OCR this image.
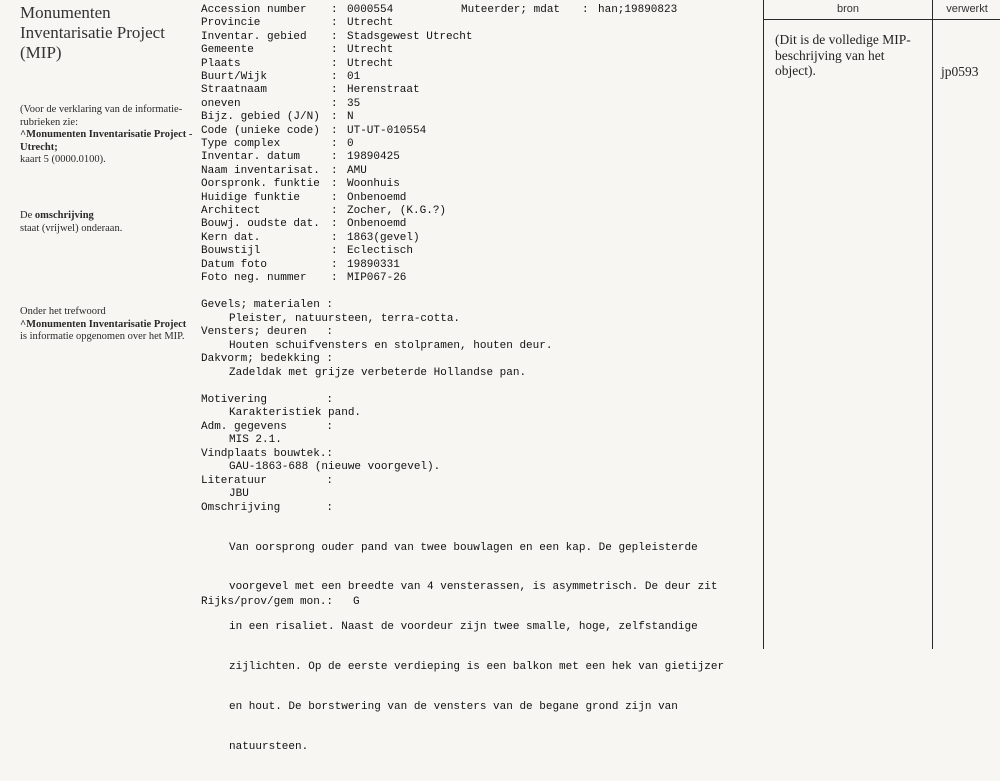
Monumenten Inventarisatie Project (MIP)
(Voor de verklaring van de informatie-rubrieken zie:
^Monumenten Inventarisatie Project - Utrecht;
kaart 5 (0000.0100).
De omschrijving
staat (vrijwel) onderaan.
Onder het trefwoord
^Monumenten Inventarisatie Project is informatie opgenomen over het MIP.
Muteerder; mdat : han;19890823
Accession number : 0000554
Provincie	: Utrecht
Inventar. gebied : Stadsgewest Utrecht
Gemeente	: Utrecht
Plaats	: Utrecht
Buurt/Wijk	: 01
Straatnaam	: Herenstraat
oneven	: 35
Bijz. gebied (J/N) : N
Code (unieke code) : UT-UT-010554
Type complex	: 0
Inventar. datum	: 19890425
Naam inventarisat. : AMU
Oorspronk. funktie : Woonhuis
Huidige funktie	: Onbenoemd
Architect	: Zocher, (K.G.?)
Bouwj. oudste dat. : Onbenoemd
Kern dat.	: 1863(gevel)
Bouwstijl	: Eclectisch
Datum foto	: 19890331
Foto neg. nummer : MIP067-26
Gevels; materialen :
Pleister, natuursteen, terra-cotta.
Vensters; deuren   :
Houten schuifvensters en stolpramen, houten deur.
Dakvorm; bedekking :
Zadeldak met grijze verbeterde Hollandse pan.
Motivering         :
Karakteristiek pand.
Adm. gegevens      :
MIS 2.1.
Vindplaats bouwtek.:
GAU-1863-688 (nieuwe voorgevel).
Literatuur         :
JBU
Omschrijving       :

Van oorsprong ouder pand van twee bouwlagen en een kap. De gepleisterde

voorgevel met een breedte van 4 vensterassen, is asymmetrisch. De deur zit

in een risaliet. Naast de voordeur zijn twee smalle, hoge, zelfstandige

zijlichten. Op de eerste verdieping is een balkon met een hek van gietijzer

en hout. De borstwering van de vensters van de begane grond zijn van

natuursteen.

Rijks/prov/gem mon.: G
bron	verwerkt
(Dit is de volledige MIP-beschrijving van het object).	jp0593
